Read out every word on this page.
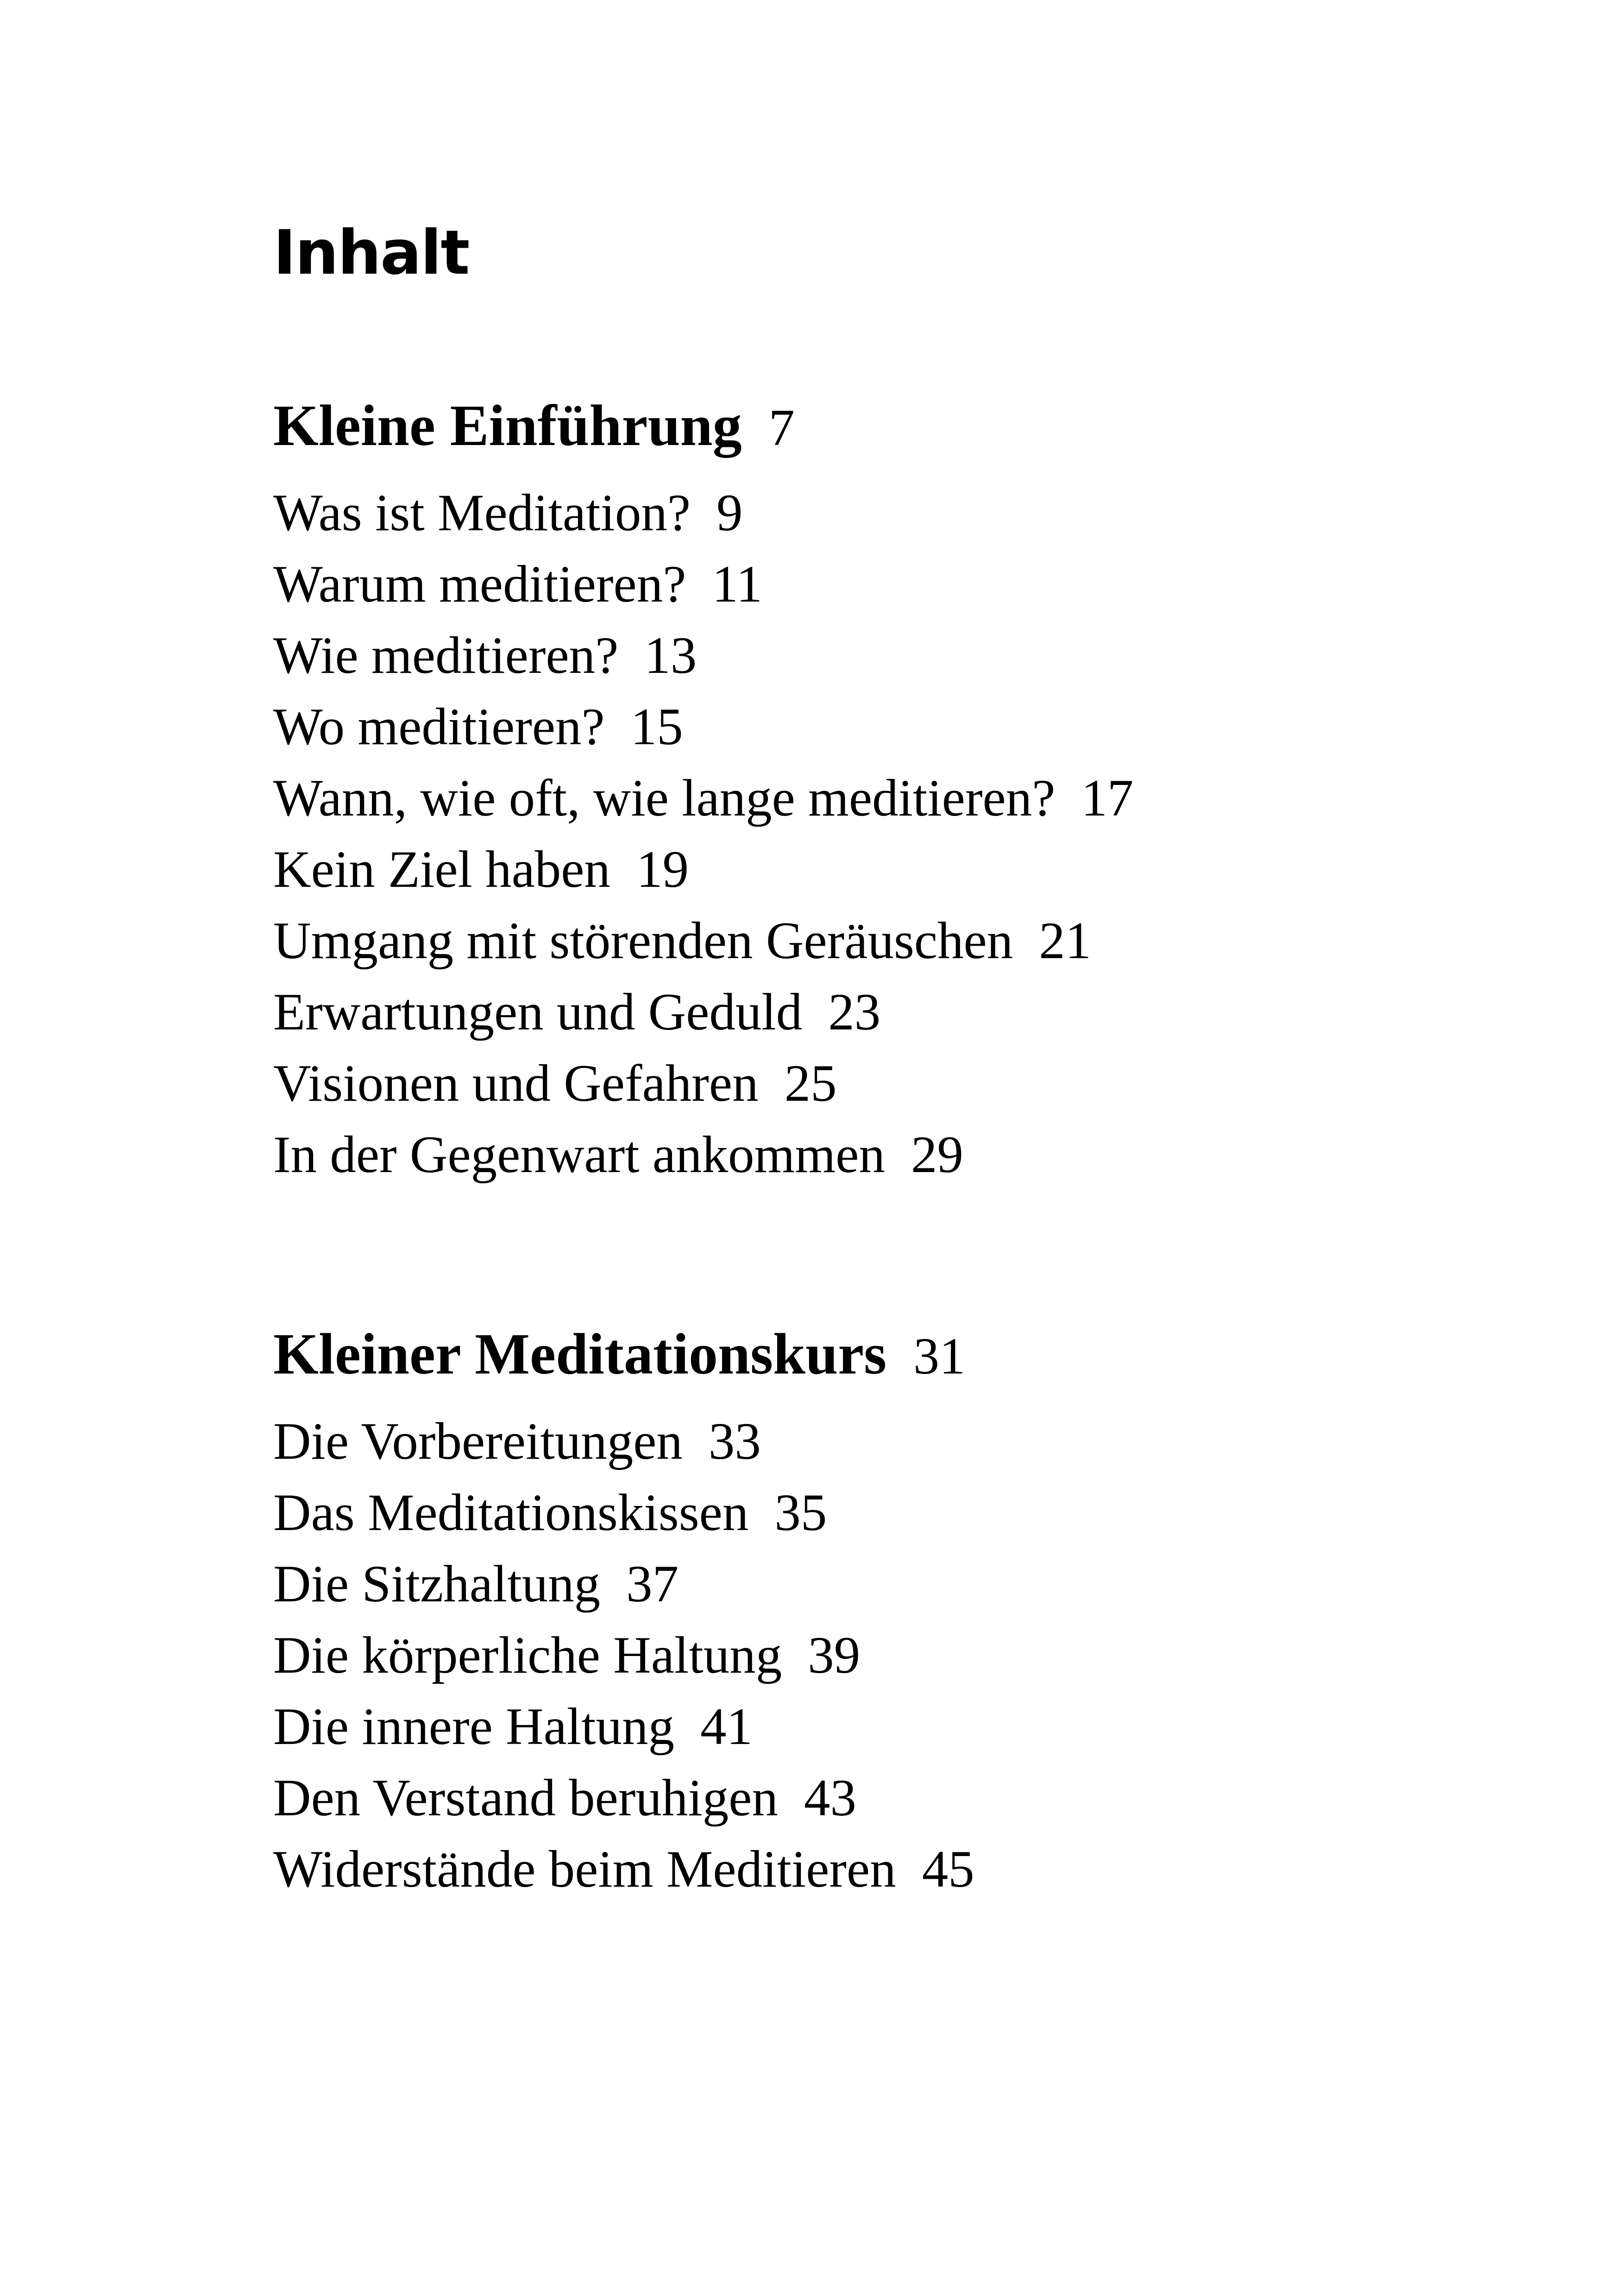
Inhalt
Kleine Einführung 7
Was ist Meditation? 9
Warum meditieren? 11
Wie meditieren? 13
Wo meditieren? 15
Wann, wie oft, wie lange meditieren? 17
Kein Ziel haben 19
Umgang mit störenden Geräuschen 21
Erwartungen und Geduld 23
Visionen und Gefahren 25
In der Gegenwart ankommen 29
Kleiner Meditationskurs 31
Die Vorbereitungen 33
Das Meditationskissen 35
Die Sitzhaltung 37
Die körperliche Haltung 39
Die innere Haltung 41
Den Verstand beruhigen 43
Widerstände beim Meditieren 45
